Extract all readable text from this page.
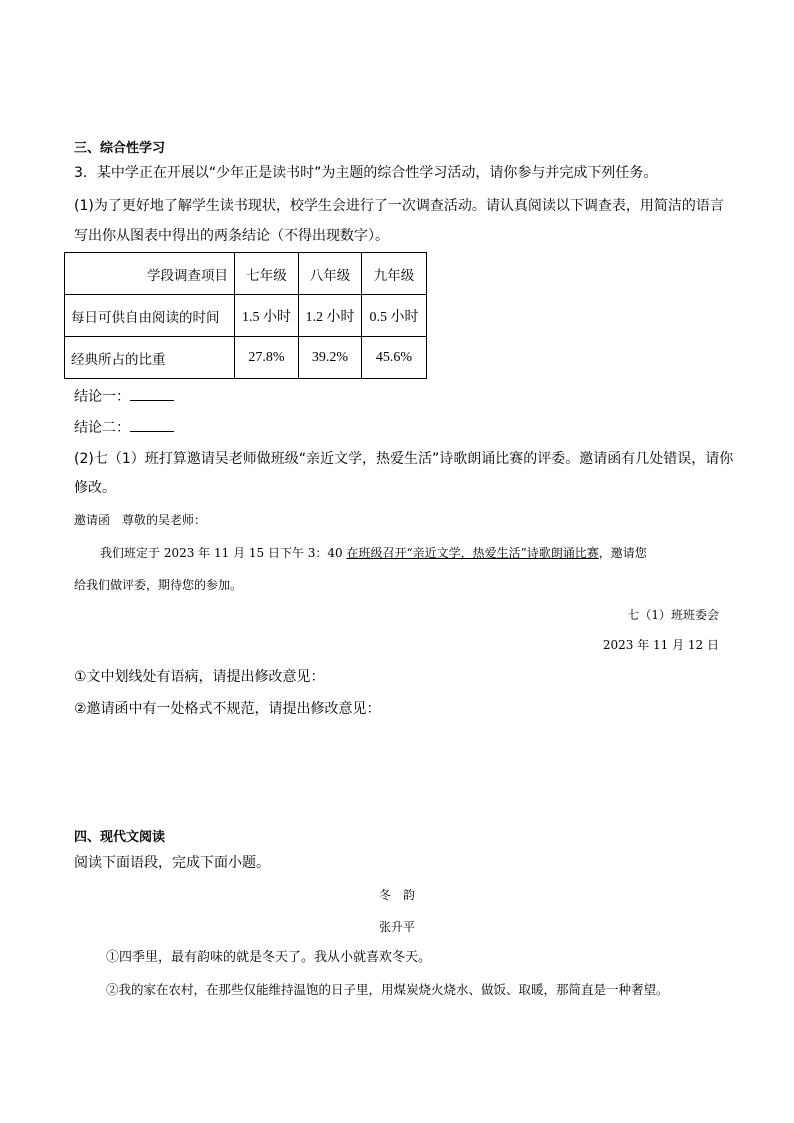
三、综合性学习
3．某中学正在开展以“少年正是读书时”为主题的综合性学习活动，请你参与并完成下列任务。
(1)为了更好地了解学生读书现状，校学生会进行了一次调查活动。请认真阅读以下调查表，用简洁的语言
写出你从图表中得出的两条结论（不得出现数字）。
学段调查项目	七年级	八年级	九年级
每日可供自由阅读的时间	1.5 小时	1.2 小时	0.5 小时
经典所占的比重	27.8%	39.2%	45.6%
结论一：
结论二：
(2)七（1）班打算邀请吴老师做班级“亲近文学，热爱生活”诗歌朗诵比赛的评委。邀请函有几处错误，请你
修改。
邀请函　尊敬的吴老师：
我们班定于 2023 年 11 月 15 日下午 3：40 在班级召开“亲近文学，热爱生活”诗歌朗诵比赛，邀请您
给我们做评委，期待您的参加。
七（1）班班委会
2023 年 11 月 12 日
①文中划线处有语病，请提出修改意见：
②邀请函中有一处格式不规范，请提出修改意见：
四、现代文阅读
阅读下面语段，完成下面小题。
冬　韵
张升平
①四季里，最有韵味的就是冬天了。我从小就喜欢冬天。
②我的家在农村，在那些仅能维持温饱的日子里，用煤炭烧火烧水、做饭、取暖，那简直是一种奢望。
